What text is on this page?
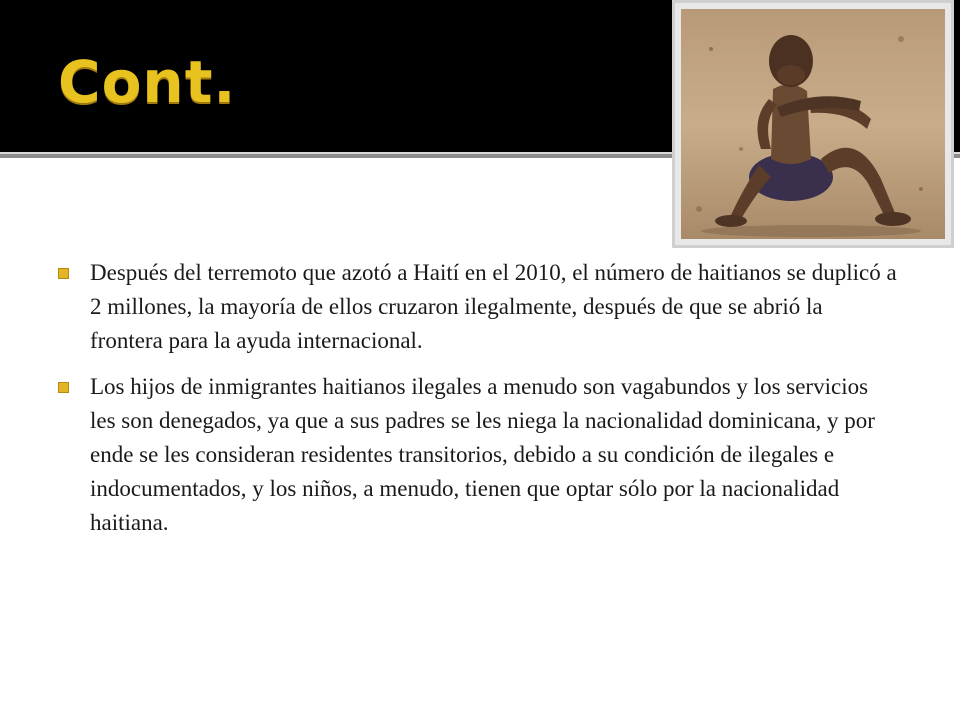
Cont.
Después del terremoto que azotó a Haití en el 2010, el número de haitianos se duplicó a 2 millones, la mayoría de ellos cruzaron ilegalmente, después de que se abrió la frontera para la ayuda internacional.
Los hijos de inmigrantes haitianos ilegales a menudo son vagabundos y los servicios les son denegados, ya que a sus padres se les niega la nacionalidad dominicana, y por ende se les consideran residentes transitorios, debido a su condición de ilegales e indocumentados, y los niños, a menudo, tienen que optar sólo por la nacionalidad haitiana.
